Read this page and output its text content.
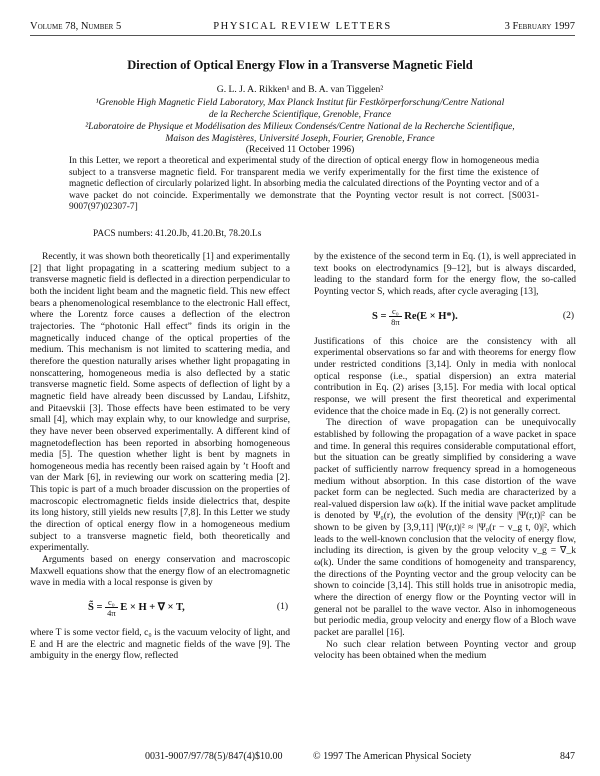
Volume 78, Number 5	PHYSICAL REVIEW LETTERS	3 February 1997
Direction of Optical Energy Flow in a Transverse Magnetic Field
G. L. J. A. Rikken¹ and B. A. van Tiggelen²
¹Grenoble High Magnetic Field Laboratory, Max Planck Institut für Festkörperforschung/Centre National
de la Recherche Scientifique, Grenoble, France
²Laboratoire de Physique et Modélisation des Milieux Condensés/Centre National de la Recherche Scientifique,
Maison des Magistères, Université Joseph, Fourier, Grenoble, France
(Received 11 October 1996)
In this Letter, we report a theoretical and experimental study of the direction of optical energy flow in homogeneous media subject to a transverse magnetic field. For transparent media we verify experimentally for the first time the existence of magnetic deflection of circularly polarized light. In absorbing media the calculated directions of the Poynting vector and of a wave packet do not coincide. Experimentally we demonstrate that the Poynting vector result is not correct. [S0031-9007(97)02307-7]
PACS numbers: 41.20.Jb, 41.20.Bt, 78.20.Ls

Recently, it was shown both theoretically [1] and experimentally [2] that light propagating in a scattering medium subject to a transverse magnetic field is deflected in a direction perpendicular to both the incident light beam and the magnetic field. This new effect bears a phenomenological resemblance to the electronic Hall effect, where the Lorentz force causes a deflection of the electron trajectories. The “photonic Hall effect” finds its origin in the magnetically induced change of the optical properties of the medium. This mechanism is not limited to scattering media, and therefore the question naturally arises whether light propagating in nonscattering, homogeneous media is also deflected by a static transverse magnetic field. Some aspects of deflection of light by a magnetic field have already been discussed by Landau, Lifshitz, and Pitaevskii [3]. Those effects have been estimated to be very small [4], which may explain why, to our knowledge and surprise, they have never been observed experimentally. A different kind of magnetodeflection has been reported in absorbing homogeneous media [5]. The question whether light is bent by magnets in homogeneous media has recently been raised again by ’t Hooft and van der Mark [6], in reviewing our work on scattering media [2]. This topic is part of a much broader discussion on the properties of macroscopic electromagnetic fields inside dielectrics that, despite its long history, still yields new results [7,8]. In this Letter we study the direction of optical energy flow in a homogeneous medium subject to a transverse magnetic field, both theoretically and experimentally.

Arguments based on energy conservation and macroscopic Maxwell equations show that the energy flow of an electromagnetic wave in media with a local response is given by

S̃ = $\frac{\text{c₀}}{4\pi}$ E × H + ∇ × T,	(1)

where T is some vector field, c₀ is the vacuum velocity of light, and E and H are the electric and magnetic fields of the wave [9]. The ambiguity in the energy flow, reflected

by the existence of the second term in Eq. (1), is well appreciated in text books on electrodynamics [9–12], but is always discarded, leading to the standard form for the energy flow, the so-called Poynting vector S, which reads, after cycle averaging [13],

$S = \frac{\text{c₀}}{8\pi} Re(E \times H*)$.	(2)

Justifications of this choice are the consistency with all experimental observations so far and with theorems for energy flow under restricted conditions [3,14]. Only in media with nonlocal optical response (i.e., spatial dispersion) an extra material contribution in Eq. (2) arises [3,15]. For media with local optical response, we will present the first theoretical and experimental evidence that the choice made in Eq. (2) is not generally correct.

The direction of wave propagation can be unequivocally established by following the propagation of a wave packet in space and time. In general this requires considerable computational effort, but the situation can be greatly simplified by considering a wave packet of sufficiently narrow frequency spread in a homogeneous medium without absorption. In this case distortion of the wave packet form can be neglected. Such media are characterized by a real-valued dispersion law ω(k). If the initial wave packet amplitude is denoted by Ψ₀(r), the evolution of the density |Ψ(r,t)|² can be shown to be given by [3,9,11] |Ψ(r,t)|² ≈ |Ψ₀(r − v_g t, 0)|², which leads to the well-known conclusion that the velocity of energy flow, including its direction, is given by the group velocity v_g = ∇_k ω(k). Under the same conditions of homogeneity and transparency, the directions of the Poynting vector and the group velocity can be shown to coincide [3,14]. This still holds true in anisotropic media, where the direction of energy flow or the Poynting vector will in general not be parallel to the wave vector. Also in inhomogeneous but periodic media, group velocity and energy flow of a Bloch wave packet are parallel [16].

No such clear relation between Poynting vector and group velocity has been obtained when the medium

0031-9007/97/78(5)/847(4)$10.00	© 1997 The American Physical Society	847
